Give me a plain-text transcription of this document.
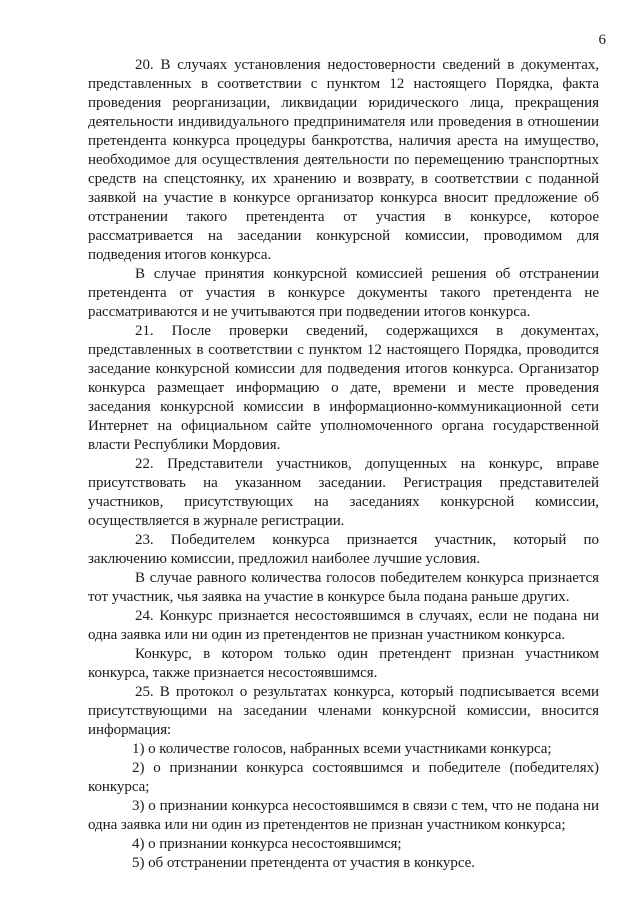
6

20. В случаях установления недостоверности сведений в документах, представленных в соответствии с пунктом 12 настоящего Порядка, факта проведения реорганизации, ликвидации юридического лица, прекращения деятельности индивидуального предпринимателя или проведения в отношении претендента конкурса процедуры банкротства, наличия ареста на имущество, необходимое для осуществления деятельности по перемещению транспортных средств на спецстоянку, их хранению и возврату, в соответствии с поданной заявкой на участие в конкурсе организатор конкурса вносит предложение об отстранении такого претендента от участия в конкурсе, которое рассматривается на заседании конкурсной комиссии, проводимом для подведения итогов конкурса.

В случае принятия конкурсной комиссией решения об отстранении претендента от участия в конкурсе документы такого претендента не рассматриваются и не учитываются при подведении итогов конкурса.

21. После проверки сведений, содержащихся в документах, представленных в соответствии с пунктом 12 настоящего Порядка, проводится заседание конкурсной комиссии для подведения итогов конкурса. Организатор конкурса размещает информацию о дате, времени и месте проведения заседания конкурсной комиссии в информационно-коммуникационной сети Интернет на официальном сайте уполномоченного органа государственной власти Республики Мордовия.

22. Представители участников, допущенных на конкурс, вправе присутствовать на указанном заседании. Регистрация представителей участников, присутствующих на заседаниях конкурсной комиссии, осуществляется в журнале регистрации.

23. Победителем конкурса признается участник, который по заключению комиссии, предложил наиболее лучшие условия.

В случае равного количества голосов победителем конкурса признается тот участник, чья заявка на участие в конкурсе была подана раньше других.

24. Конкурс признается несостоявшимся в случаях, если не подана ни одна заявка или ни один из претендентов не признан участником конкурса.

Конкурс, в котором только один претендент признан участником конкурса, также признается несостоявшимся.

25. В протокол о результатах конкурса, который подписывается всеми присутствующими на заседании членами конкурсной комиссии, вносится информация:

1) о количестве голосов, набранных всеми участниками конкурса;

2) о признании конкурса состоявшимся и победителе (победителях) конкурса;

3) о признании конкурса несостоявшимся в связи с тем, что не подана ни одна заявка или ни один из претендентов не признан участником конкурса;

4) о признании конкурса несостоявшимся;

5) об отстранении претендента от участия в конкурсе.
